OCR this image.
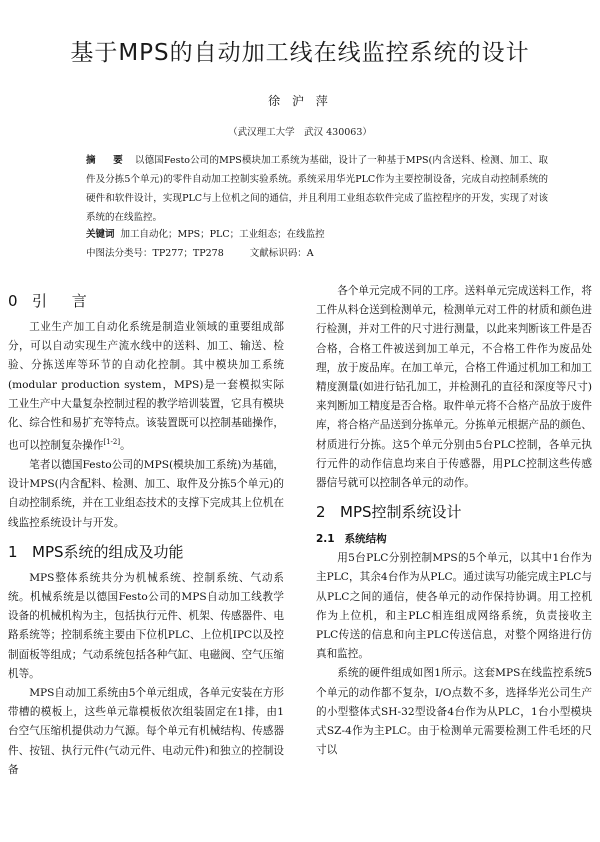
基于MPS的自动加工线在线监控系统的设计
徐 沪 萍
（武汉理工大学　武汉 430063）
摘　要 以德国Festo公司的MPS模块加工系统为基础，设计了一种基于MPS(内含送料、检测、加工、取件及分拣5个单元)的零件自动加工控制实验系统。系统采用华光PLC作为主要控制设备，完成自动控制系统的硬件和软件设计，实现PLC与上位机之间的通信，并且利用工业组态软件完成了监控程序的开发，实现了对该系统的在线监控。
关键词 加工自动化；MPS；PLC；工业组态；在线监控
中图法分类号：TP277；TP278	文献标识码：A
0 引 言

工业生产加工自动化系统是制造业领域的重要组成部分，可以自动实现生产流水线中的送料、加工、输送、检验、分拣送库等环节的自动化控制。其中模块加工系统(modular production system，MPS)是一套模拟实际工业生产中大量复杂控制过程的教学培训装置，它具有模块化、综合性和易扩充等特点。该装置既可以控制基础操作，也可以控制复杂操作[1-2]。

笔者以德国Festo公司的MPS(模块加工系统)为基础，设计MPS(内含配料、检测、加工、取件及分拣5个单元)的自动控制系统，并在工业组态技术的支撑下完成其上位机在线监控系统设计与开发。

1 MPS系统的组成及功能

MPS整体系统共分为机械系统、控制系统、气动系统。机械系统是以德国Festo公司的MPS自动加工线教学设备的机械机构为主，包括执行元件、机架、传感器件、电路系统等；控制系统主要由下位机PLC、上位机IPC以及控制面板等组成；气动系统包括各种气缸、电磁阀、空气压缩机等。

MPS自动加工系统由5个单元组成，各单元安装在方形带槽的模板上，这些单元靠模板依次组装固定在1排，由1台空气压缩机提供动力气源。每个单元有机械结构、传感器件、按钮、执行元件(气动元件、电动元件)和独立的控制设备

各个单元完成不同的工序。送料单元完成送料工作，将工件从料仓送到检测单元，检测单元对工件的材质和颜色进行检测，并对工件的尺寸进行测量，以此来判断该工件是否合格，合格工件被送到加工单元，不合格工件作为废品处理，放于废品库。在加工单元，合格工件通过机加工和加工精度测量(如进行钻孔加工，并检测孔的直径和深度等尺寸)来判断加工精度是否合格。取件单元将不合格产品放于废件库，将合格产品送到分拣单元。分拣单元根据产品的颜色、材质进行分拣。这5个单元分别由5台PLC控制，各单元执行元件的动作信息均来自于传感器，用PLC控制这些传感器信号就可以控制各单元的动作。

2 MPS控制系统设计
2.1 系统结构

用5台PLC分别控制MPS的5个单元，以其中1台作为主PLC，其余4台作为从PLC。通过读写功能完成主PLC与从PLC之间的通信，使各单元的动作保持协调。用工控机作为上位机，和主PLC相连组成网络系统，负责接收主PLC传送的信息和向主PLC传送信息，对整个网络进行仿真和监控。

系统的硬件组成如图1所示。这套MPS在线监控系统5个单元的动作都不复杂，I/O点数不多，选择华光公司生产的小型整体式SH-32型设备4台作为从PLC，1台小型模块式SZ-4作为主PLC。由于检测单元需要检测工件毛坯的尺寸以
